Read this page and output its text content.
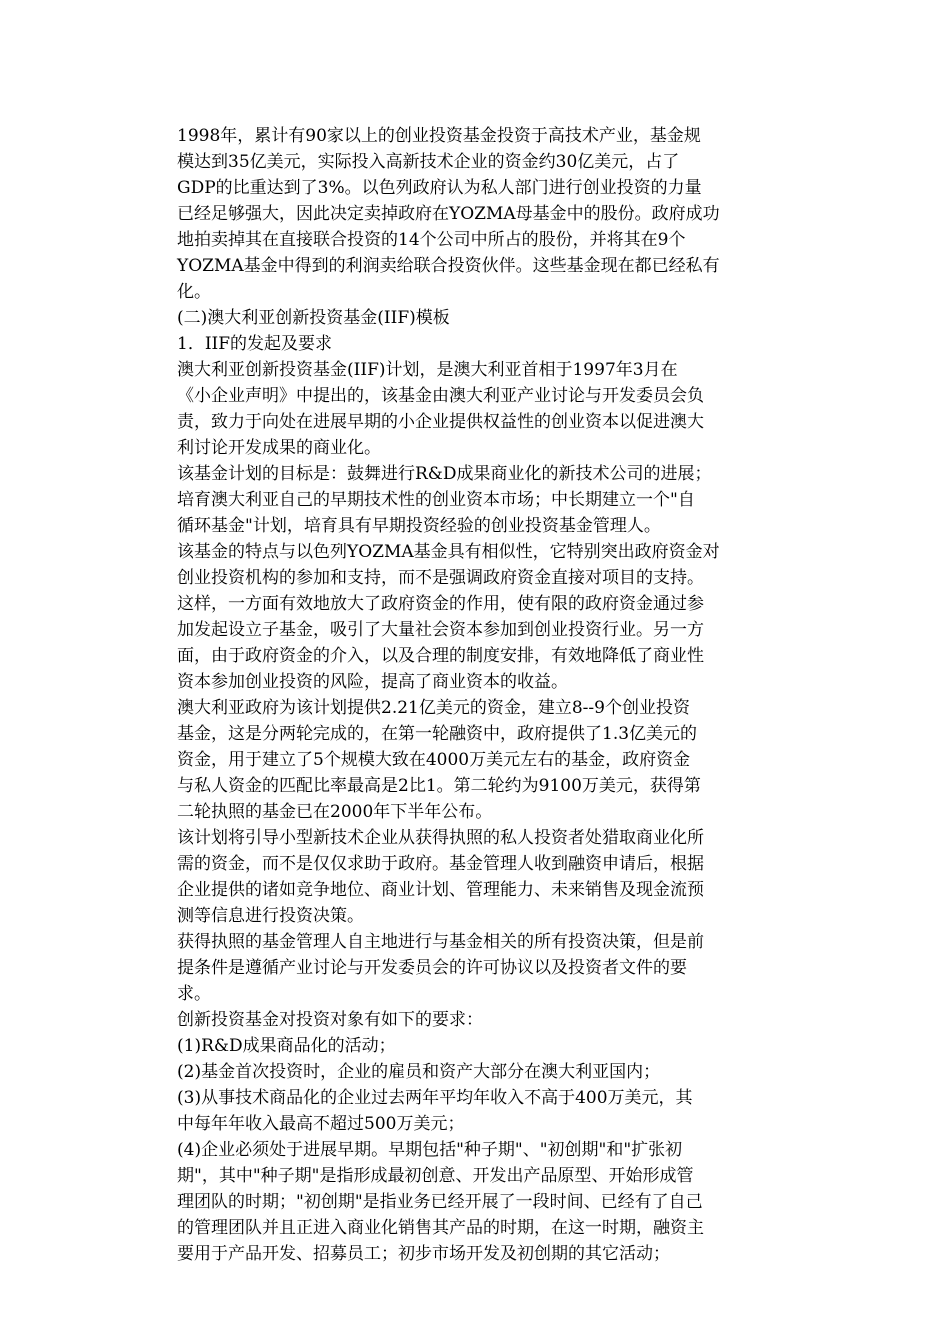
1998年，累计有90家以上的创业投资基金投资于高技术产业，基金规
模达到35亿美元，实际投入高新技术企业的资金约30亿美元，占了
GDP的比重达到了3%。以色列政府认为私人部门进行创业投资的力量
已经足够强大，因此决定卖掉政府在YOZMA母基金中的股份。政府成功
地拍卖掉其在直接联合投资的14个公司中所占的股份，并将其在9个
YOZMA基金中得到的利润卖给联合投资伙伴。这些基金现在都已经私有
化。
(二)澳大利亚创新投资基金(IIF)模板
1．IIF的发起及要求
澳大利亚创新投资基金(IIF)计划，是澳大利亚首相于1997年3月在
《小企业声明》中提出的，该基金由澳大利亚产业讨论与开发委员会负
责，致力于向处在进展早期的小企业提供权益性的创业资本以促进澳大
利讨论开发成果的商业化。
该基金计划的目标是：鼓舞进行R&D成果商业化的新技术公司的进展；
培育澳大利亚自己的早期技术性的创业资本市场；中长期建立一个"自
循环基金"计划，培育具有早期投资经验的创业投资基金管理人。
该基金的特点与以色列YOZMA基金具有相似性，它特别突出政府资金对
创业投资机构的参加和支持，而不是强调政府资金直接对项目的支持。
这样，一方面有效地放大了政府资金的作用，使有限的政府资金通过参
加发起设立子基金，吸引了大量社会资本参加到创业投资行业。另一方
面，由于政府资金的介入，以及合理的制度安排，有效地降低了商业性
资本参加创业投资的风险，提高了商业资本的收益。
澳大利亚政府为该计划提供2.21亿美元的资金，建立8--9个创业投资
基金，这是分两轮完成的，在第一轮融资中，政府提供了1.3亿美元的
资金，用于建立了5个规模大致在4000万美元左右的基金，政府资金
与私人资金的匹配比率最高是2比1。第二轮约为9100万美元，获得第
二轮执照的基金已在2000年下半年公布。
该计划将引导小型新技术企业从获得执照的私人投资者处猎取商业化所
需的资金，而不是仅仅求助于政府。基金管理人收到融资申请后，根据
企业提供的诸如竞争地位、商业计划、管理能力、未来销售及现金流预
测等信息进行投资决策。
获得执照的基金管理人自主地进行与基金相关的所有投资决策，但是前
提条件是遵循产业讨论与开发委员会的许可协议以及投资者文件的要
求。
创新投资基金对投资对象有如下的要求：
(1)R&D成果商品化的活动；
(2)基金首次投资时，企业的雇员和资产大部分在澳大利亚国内；
(3)从事技术商品化的企业过去两年平均年收入不高于400万美元，其
中每年年收入最高不超过500万美元；
(4)企业必须处于进展早期。早期包括"种子期"、"初创期"和"扩张初
期"，其中"种子期"是指形成最初创意、开发出产品原型、开始形成管
理团队的时期；"初创期"是指业务已经开展了一段时间、已经有了自己
的管理团队并且正进入商业化销售其产品的时期，在这一时期，融资主
要用于产品开发、招募员工；初步市场开发及初创期的其它活动；
